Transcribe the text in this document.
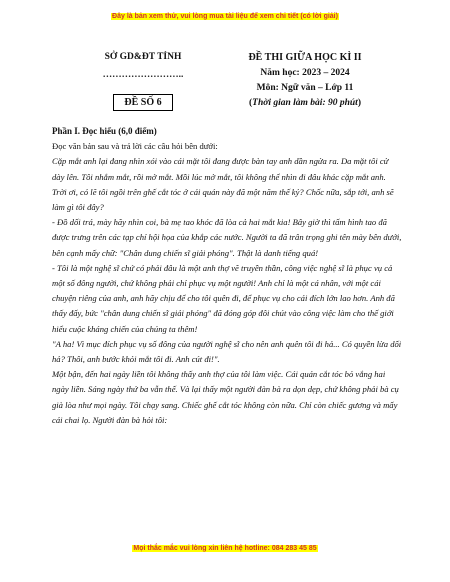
Đây là bản xem thử, vui lòng mua tài liệu để xem chi tiết (có lời giải)
SỞ GD&ĐT TỈNH
……………………..
ĐỀ SỐ 6
ĐỀ THI GIỮA HỌC KÌ II
Năm học: 2023 – 2024
Môn: Ngữ văn – Lớp 11
(Thời gian làm bài: 90 phút)

Phần I. Đọc hiểu (6,0 điểm)

Đọc văn bản sau và trả lời các câu hỏi bên dưới:

Cặp mắt anh lại đang nhìn xói vào cái mặt tôi đang được bàn tay anh dần ngửa ra. Da mặt tôi cử dày lên. Tôi nhắm mắt, rồi mở mắt. Mồi lúc mở mắt, tôi không thể nhìn đi đâu khác cặp mắt anh. Trời ơi, có lẽ tôi ngồi trên ghế cắt tóc ở cái quán này đã một năm thế kỷ? Chốc nữa, sắp tới, anh sẽ làm gì tôi đây?

- Đồ dối trá, mày hãy nhìn coi, bà mẹ tao khóc đã lòa cả hai mắt kia! Bây giờ thì tấm hình tao đã được trưng trên các tạp chí hội họa của khắp các nước. Người ta đã trân trọng ghi tên mày bên dưới, bên cạnh mấy chữ: "Chân dung chiến sĩ giải phóng". Thật là danh tiếng quá!

- Tôi là một nghệ sĩ chứ có phải đâu là một anh thợ vẽ truyền thần, công việc nghệ sĩ là phục vụ cả một số đông người, chứ không phải chỉ phục vụ một người! Anh chỉ là một cá nhân, với một cái chuyện riêng của anh, anh hãy chịu để cho tôi quên đi, để phục vụ cho cái đích lớn lao hơn. Anh đã thấy đấy, bức "chân dung chiến sĩ giải phóng" đã đóng góp đôi chút vào công việc làm cho thế giới hiểu cuộc kháng chiến của chúng ta thêm!

"A ha! Vì mục đích phục vụ số đông của người nghệ sĩ cho nên anh quên tôi đi hả... Có quyền lừa dối hả? Thôi, anh bước khỏi mắt tôi đi. Anh cút đi!".

Một bận, đến hai ngày liền tôi không thấy anh thợ của tôi làm việc. Cái quán cắt tóc bỏ vắng hai ngày liền. Sáng ngày thứ ba vẫn thế. Và lại thấy một người đàn bà ra dọn dẹp, chứ không phải bà cụ già lòa như mọi ngày. Tôi chạy sang. Chiếc ghế cắt tóc không còn nữa. Chỉ còn chiếc gương và mấy cái chai lọ. Người đàn bà hỏi tôi:

Mọi thắc mắc vui lòng xin liên hệ hotline: 084 283 45 85
